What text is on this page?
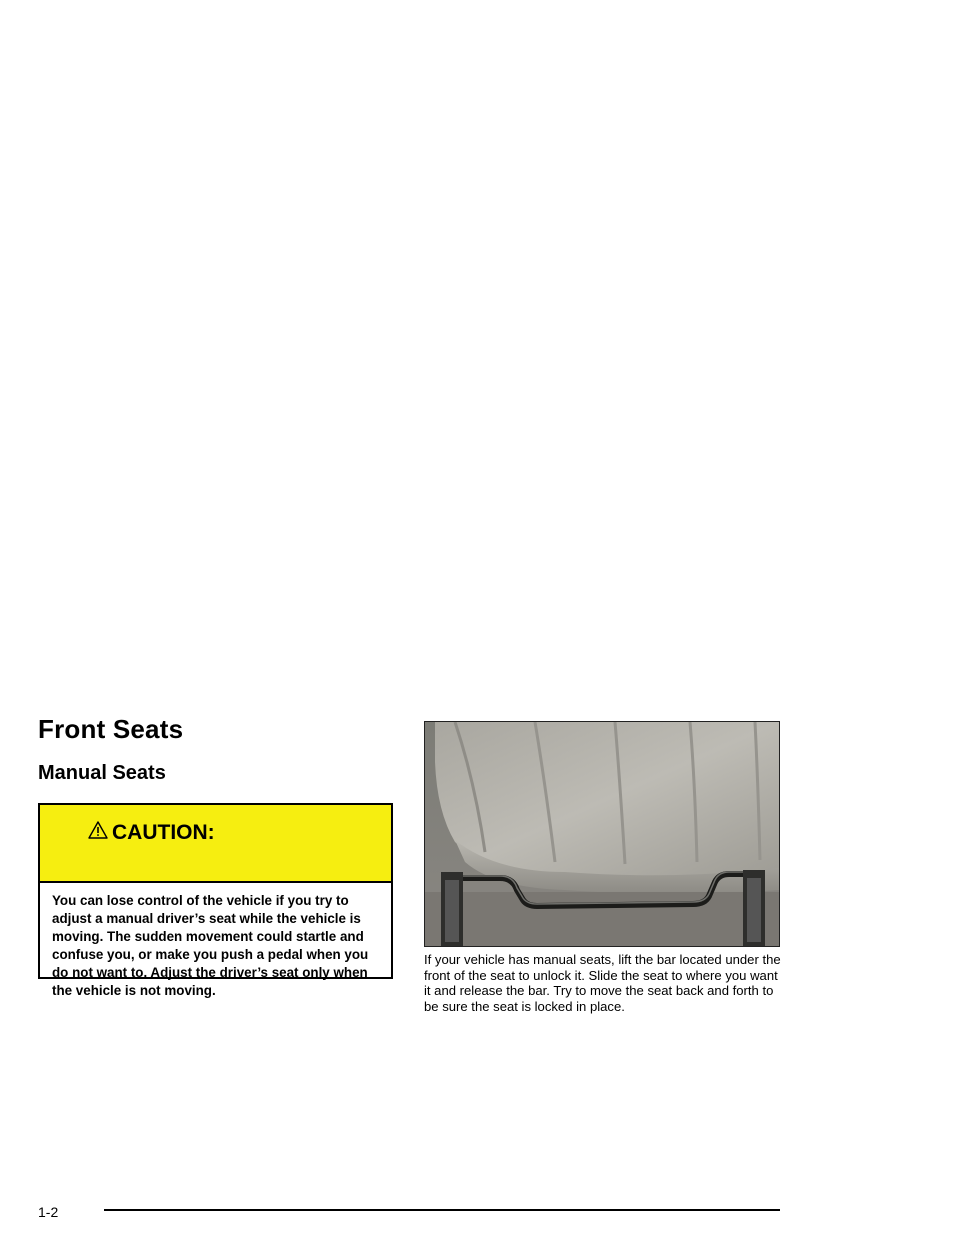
Front Seats
Manual Seats
CAUTION:
You can lose control of the vehicle if you try to adjust a manual driver’s seat while the vehicle is moving. The sudden movement could startle and confuse you, or make you push a pedal when you do not want to. Adjust the driver’s seat only when the vehicle is not moving.
If your vehicle has manual seats, lift the bar located under the front of the seat to unlock it. Slide the seat to where you want it and release the bar. Try to move the seat back and forth to be sure the seat is locked in place.
1-2
